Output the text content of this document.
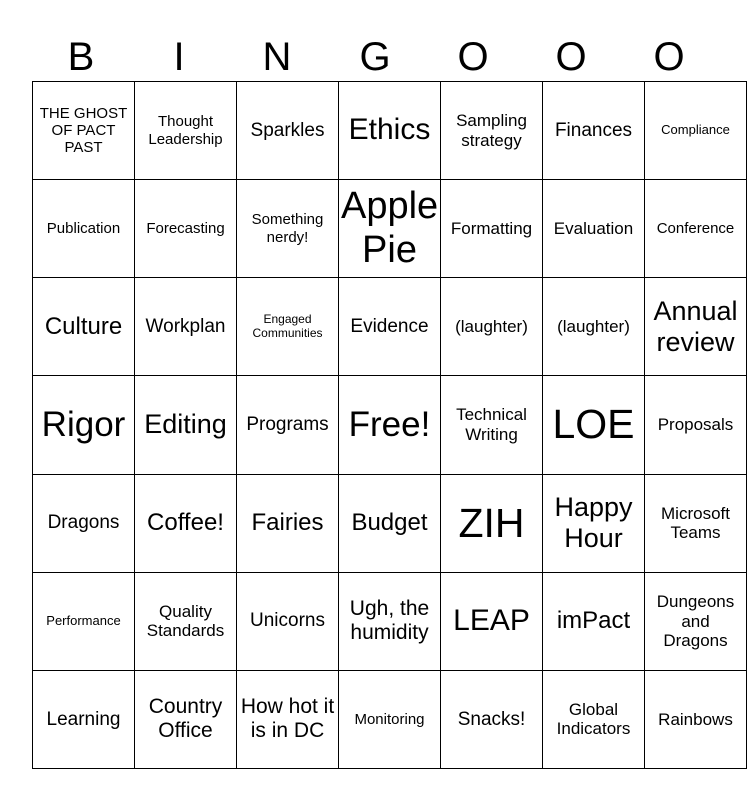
B	I	N	G	O	O	O
THE GHOST OF PACT PAST	Thought Leadership	Sparkles	Ethics	Sampling strategy	Finances	Compliance
Publication	Forecasting	Something nerdy!	Apple Pie	Formatting	Evaluation	Conference
Culture	Workplan	Engaged Communities	Evidence	(laughter)	(laughter)	Annual review
Rigor	Editing	Programs	Free!	Technical Writing	LOE	Proposals
Dragons	Coffee!	Fairies	Budget	ZIH	Happy Hour	Microsoft Teams
Performance	Quality Standards	Unicorns	Ugh, the humidity	LEAP	imPact	Dungeons and Dragons
Learning	Country Office	How hot it is in DC	Monitoring	Snacks!	Global Indicators	Rainbows
